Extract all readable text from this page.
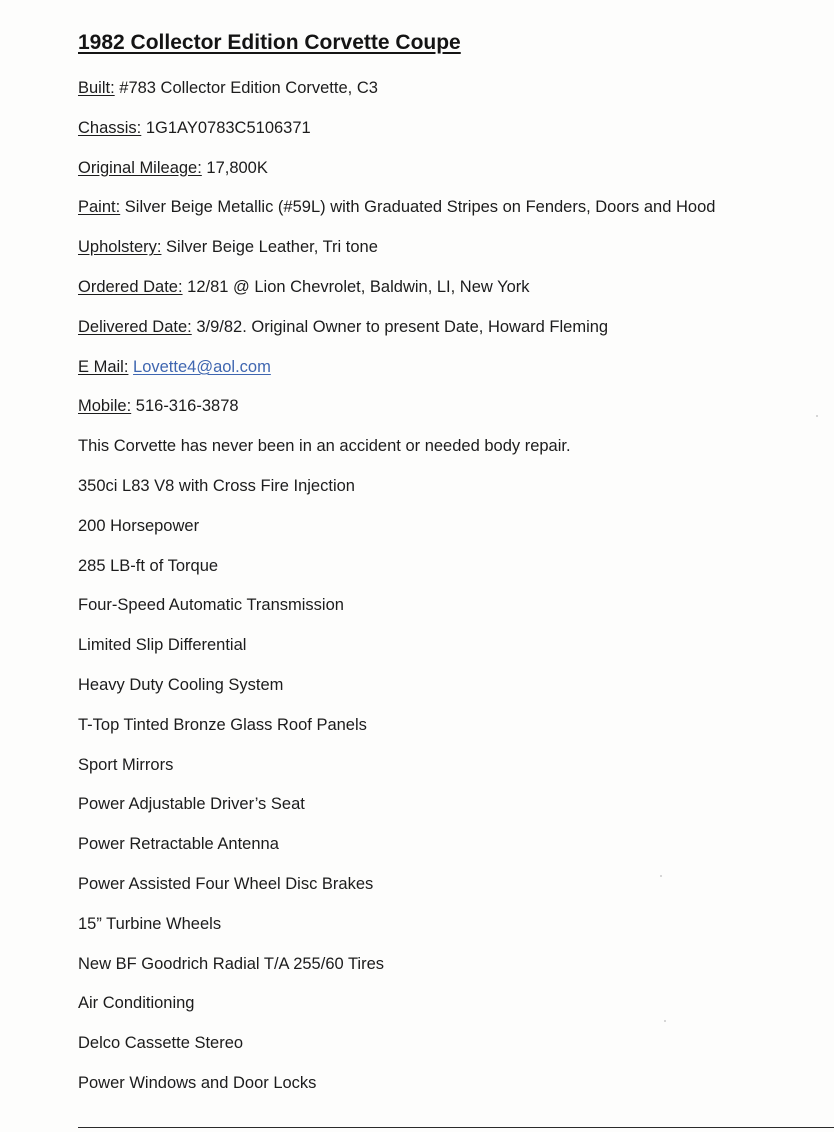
1982 Collector Edition Corvette Coupe
Built: #783 Collector Edition Corvette, C3
Chassis: 1G1AY0783C5106371
Original Mileage: 17,800K
Paint: Silver Beige Metallic (#59L) with Graduated Stripes on Fenders, Doors and Hood
Upholstery: Silver Beige Leather, Tri tone
Ordered Date: 12/81 @ Lion Chevrolet, Baldwin, LI, New York
Delivered Date: 3/9/82. Original Owner to present Date, Howard Fleming
E Mail: Lovette4@aol.com
Mobile: 516-316-3878
This Corvette has never been in an accident or needed body repair.
350ci L83 V8 with Cross Fire Injection
200 Horsepower
285 LB-ft of Torque
Four-Speed Automatic Transmission
Limited Slip Differential
Heavy Duty Cooling System
T-Top Tinted Bronze Glass Roof Panels
Sport Mirrors
Power Adjustable Driver’s Seat
Power Retractable Antenna
Power Assisted Four Wheel Disc Brakes
15” Turbine Wheels
New BF Goodrich Radial T/A 255/60 Tires
Air Conditioning
Delco Cassette Stereo
Power Windows and Door Locks
